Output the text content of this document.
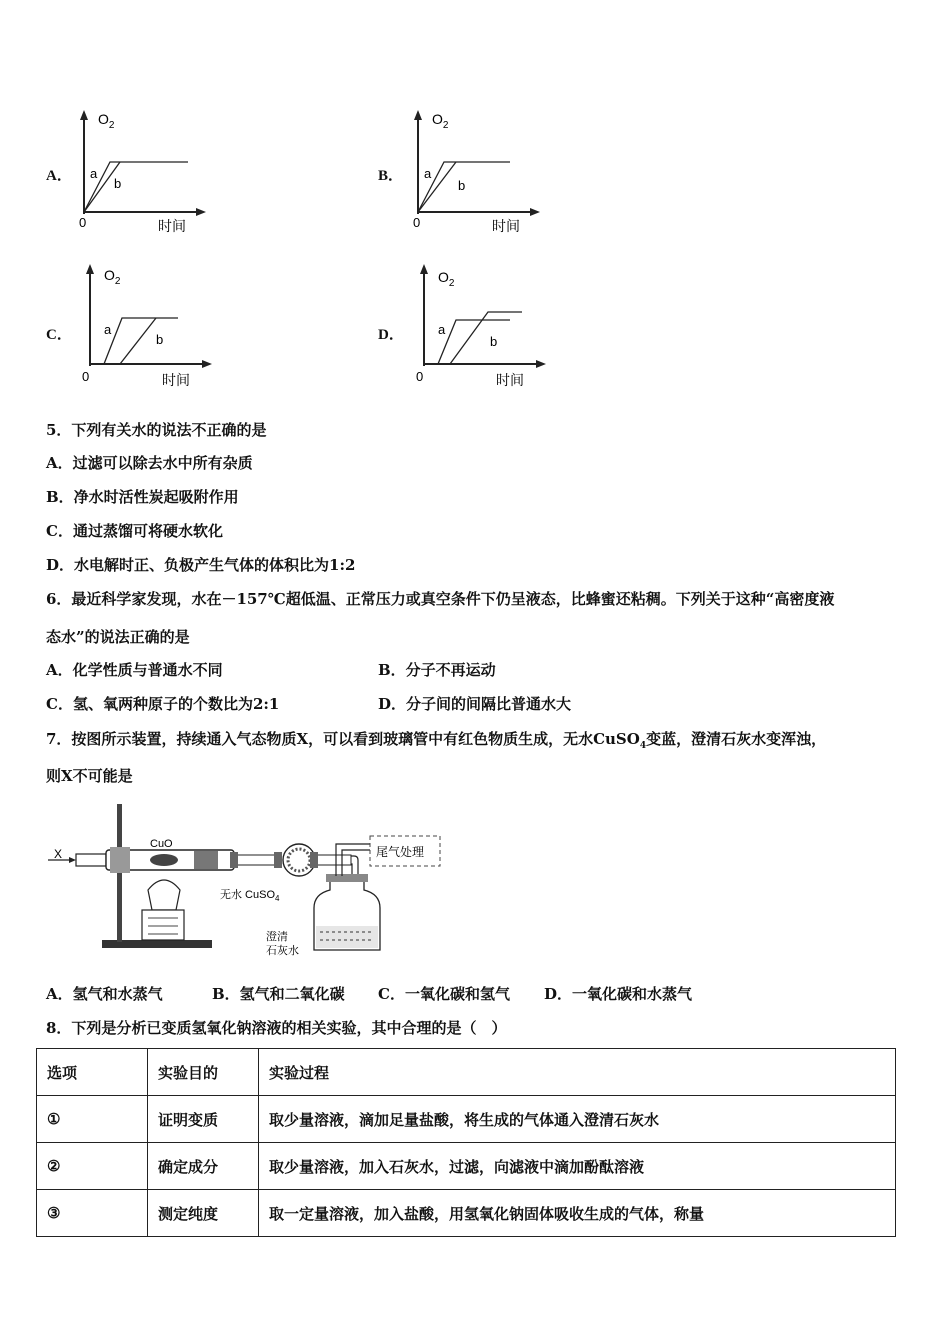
A．
$O_2$
a
b
0	时间
B．
$O_2$
a
b
0	时间
C．
$O_2$
a
b
0	时间
D．
$O_2$
a
b
0	时间
5．下列有关水的说法不正确的是
A．过滤可以除去水中所有杂质
B．净水时活性炭起吸附作用
C．通过蒸馏可将硬水软化
D．水电解时正、负极产生气体的体积比为1:2
6．最近科学家发现，水在－157℃超低温、正常压力或真空条件下仍呈液态，比蜂蜜还粘稠。下列关于这种“高密度液
态水”的说法正确的是
A．化学性质与普通水不同	B．分子不再运动
C．氢、氧两种原子的个数比为2:1	D．分子间的间隔比普通水大
7．按图所示装置，持续通入气态物质X，可以看到玻璃管中有红色物质生成，无水CuSO$_4$变蓝，澄清石灰水变浑浊，
则X不可能是
X
CuO
无水 CuSO$_4$
尾气处理
澄清
石灰水
A．氢气和水蒸气	B．氢气和二氧化碳 C．一氧化碳和氢气 D．一氧化碳和水蒸气
8．下列是分析已变质氢氧化钠溶液的相关实验，其中合理的是（　）
选项	实验目的	实验过程
①	证明变质	取少量溶液，滴加足量盐酸，将生成的气体通入澄清石灰水
②	确定成分	取少量溶液，加入石灰水，过滤，向滤液中滴加酚酞溶液
③	测定纯度	取一定量溶液，加入盐酸，用氢氧化钠固体吸收生成的气体，称量
